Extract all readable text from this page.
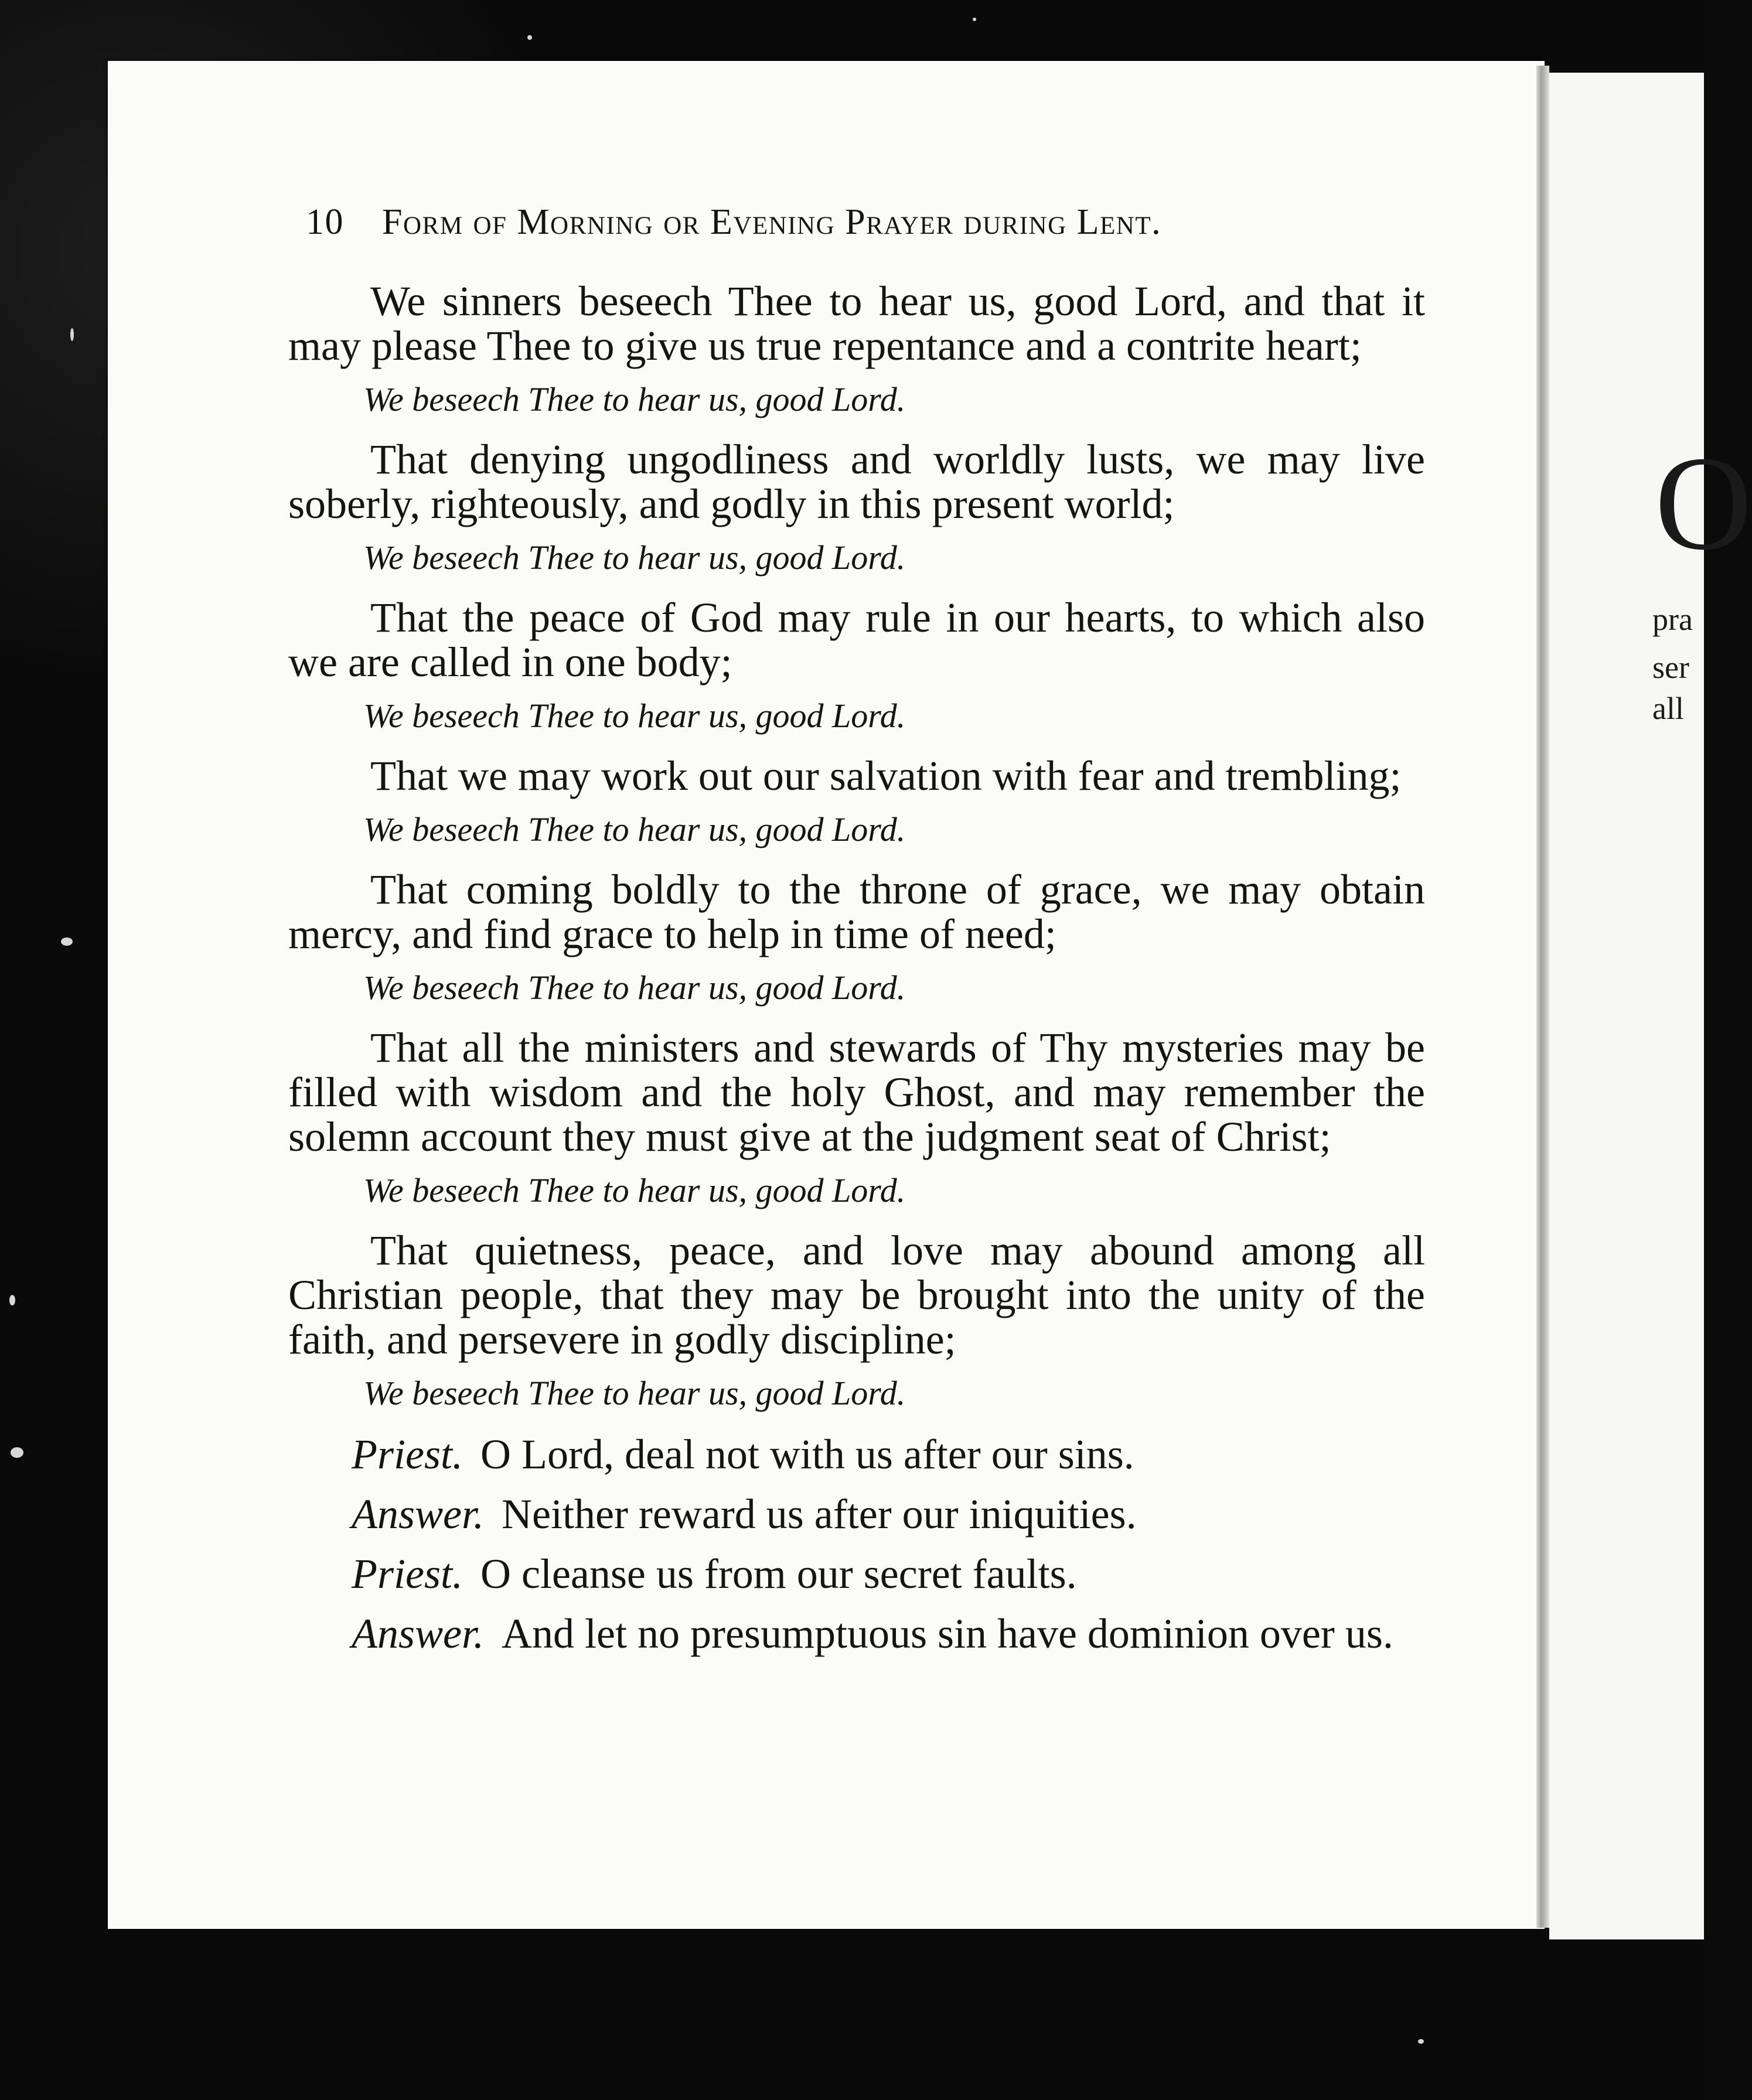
O
pra
ser
all
10 Form of Morning or Evening Prayer during Lent.

We sinners beseech Thee to hear us, good Lord, and that it may please Thee to give us true repentance and a contrite heart;

We beseech Thee to hear us, good Lord.

That denying ungodliness and worldly lusts, we may live soberly, righteously, and godly in this present world;

We beseech Thee to hear us, good Lord.

That the peace of God may rule in our hearts, to which also we are called in one body;

We beseech Thee to hear us, good Lord.

That we may work out our salvation with fear and trembling;

We beseech Thee to hear us, good Lord.

That coming boldly to the throne of grace, we may obtain mercy, and find grace to help in time of need;

We beseech Thee to hear us, good Lord.

That all the ministers and stewards of Thy mysteries may be filled with wisdom and the holy Ghost, and may remember the solemn account they must give at the judgment seat of Christ;

We beseech Thee to hear us, good Lord.

That quietness, peace, and love may abound among all Christian people, that they may be brought into the unity of the faith, and persevere in godly discipline;

We beseech Thee to hear us, good Lord.

Priest. O Lord, deal not with us after our sins.

Answer. Neither reward us after our iniquities.

Priest. O cleanse us from our secret faults.

Answer. And let no presumptuous sin have dominion over us.
